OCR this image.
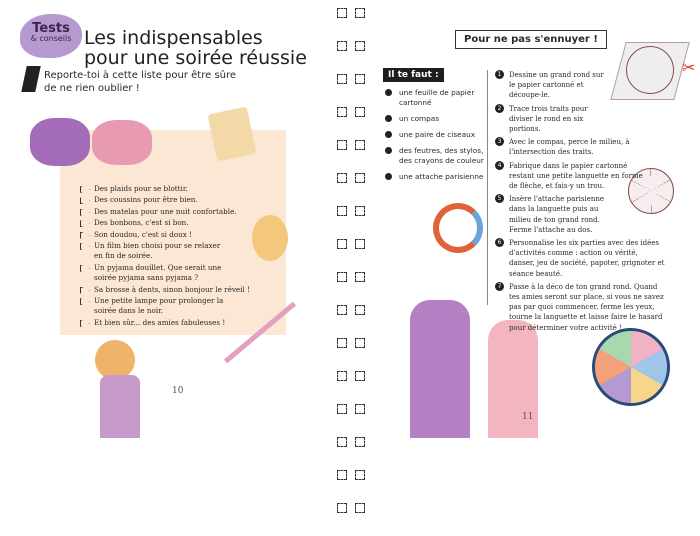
Tests
& conseils Les indispensables
pour une soirée réussie
Reporte-toi à cette liste pour être sûre
de ne rien oublier !
Des plaids pour se blottir.
Des coussins pour être bien.
Des matelas pour une nuit confortable.
Des bonbons, c'est si bon.
Son doudou, c'est si doux !
Un film bien choisi pour se relaxer en fin de soirée.
Un pyjama douillet. Que serait une soirée pyjama sans pyjama ?
Sa brosse à dents, sinon bonjour le réveil !
Une petite lampe pour prolonger la soirée dans le noir.
Et bien sûr... des amies fabuleuses !
10
Pour ne pas s'ennuyer !
Il te faut :
une feuille de papier cartonné
un compas
une paire de ciseaux
des feutres, des stylos, des crayons de couleur
une attache parisienne
✂
1	Dessine un grand rond sur le papier cartonné et découpe-le.
2	Trace trois traits pour diviser le rond en six portions.
3	Avec le compas, perce le milieu, à l'intersection des traits.
4	Fabrique dans le papier cartonné restant une petite languette en forme de flèche, et fais-y un trou.
5	Insère l'attache parisienne dans la languette puis au milieu de ton grand rond. Ferme l'attache au dos.
6	Personnalise les six parties avec des idées d'activités comme : action ou vérité, danser, jeu de société, papoter, grignoter et séance beauté.
7	Passe à la déco de ton grand rond. Quand tes amies seront sur place, si vous ne savez pas par quoi commencer, ferme les yeux, tourne la languette et laisse faire le hasard pour déterminer votre activité !
11
